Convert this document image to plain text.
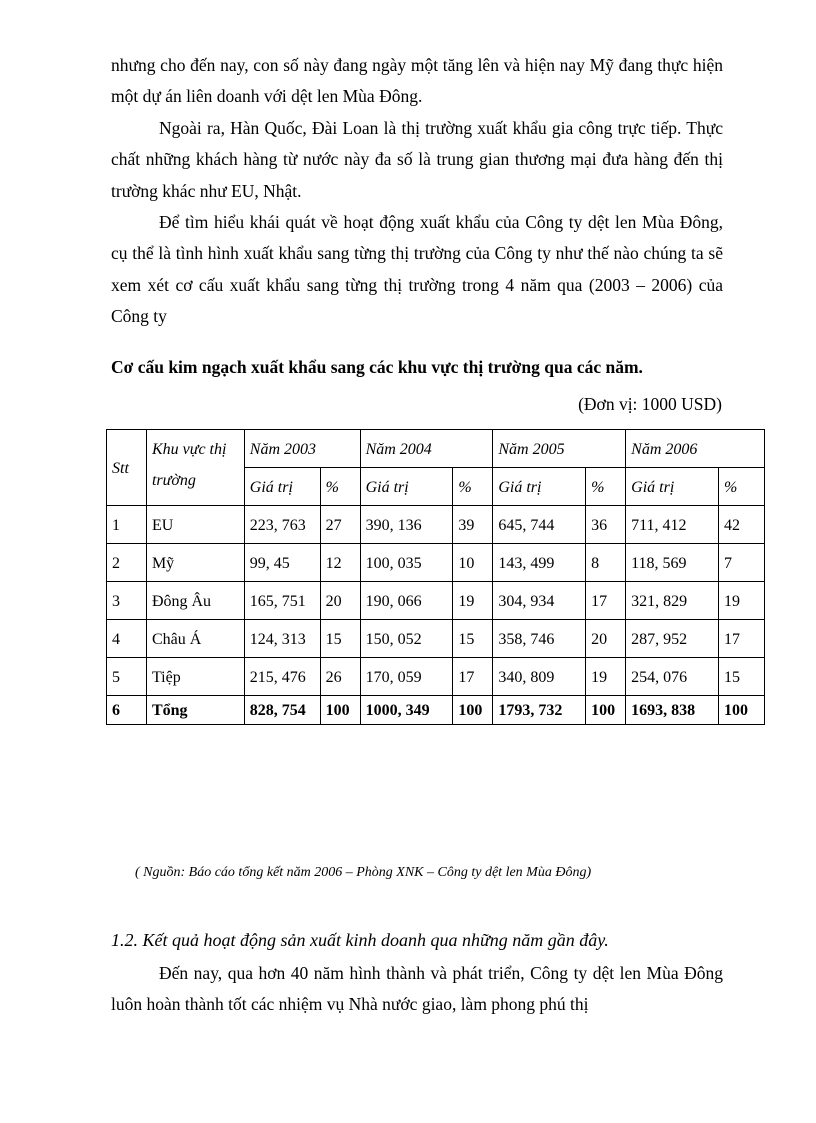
nhưng cho đến nay, con số này đang ngày một tăng lên và hiện nay Mỹ đang thực hiện một dự án liên doanh với dệt len Mùa Đông.

Ngoài ra, Hàn Quốc, Đài Loan là thị trường xuất khẩu gia công trực tiếp. Thực chất những khách hàng từ nước này đa số là trung gian thương mại đưa hàng đến thị trường khác như EU, Nhật.

Để tìm hiểu khái quát về hoạt động xuất khẩu của Công ty dệt len Mùa Đông, cụ thể là tình hình xuất khẩu sang từng thị trường của Công ty như thế nào chúng ta sẽ xem xét cơ cấu xuất khẩu sang từng thị trường trong 4 năm qua (2003 – 2006) của Công ty

Cơ cấu kim ngạch xuất khẩu sang các khu vực thị trường qua các năm.

(Đơn vị: 1000 USD)

Stt	Khu vực thị trường	Năm 2003		Năm 2004		Năm 2005		Năm 2006	
		Giá trị	%	Giá trị	%	Giá trị	%	Giá trị	%
1	EU	223, 763	27	390, 136	39	645, 744	36	711, 412	42
2	Mỹ	99, 45	12	100, 035	10	143, 499	8	118, 569	7
3	Đông Âu	165, 751	20	190, 066	19	304, 934	17	321, 829	19
4	Châu Á	124, 313	15	150, 052	15	358, 746	20	287, 952	17
5	Tiệp	215, 476	26	170, 059	17	340, 809	19	254, 076	15
6	Tổng	828, 754	100	1000, 349	100	1793, 732	100	1693, 838	100

( Nguồn: Báo cáo tổng kết năm 2006 – Phòng XNK – Công ty dệt len Mùa Đông)

1.2. Kết quả hoạt động sản xuất kinh doanh qua những năm gần đây.

Đến nay, qua hơn 40 năm hình thành và phát triển, Công ty dệt len Mùa Đông luôn hoàn thành tốt các nhiệm vụ Nhà nước giao, làm phong phú thị
